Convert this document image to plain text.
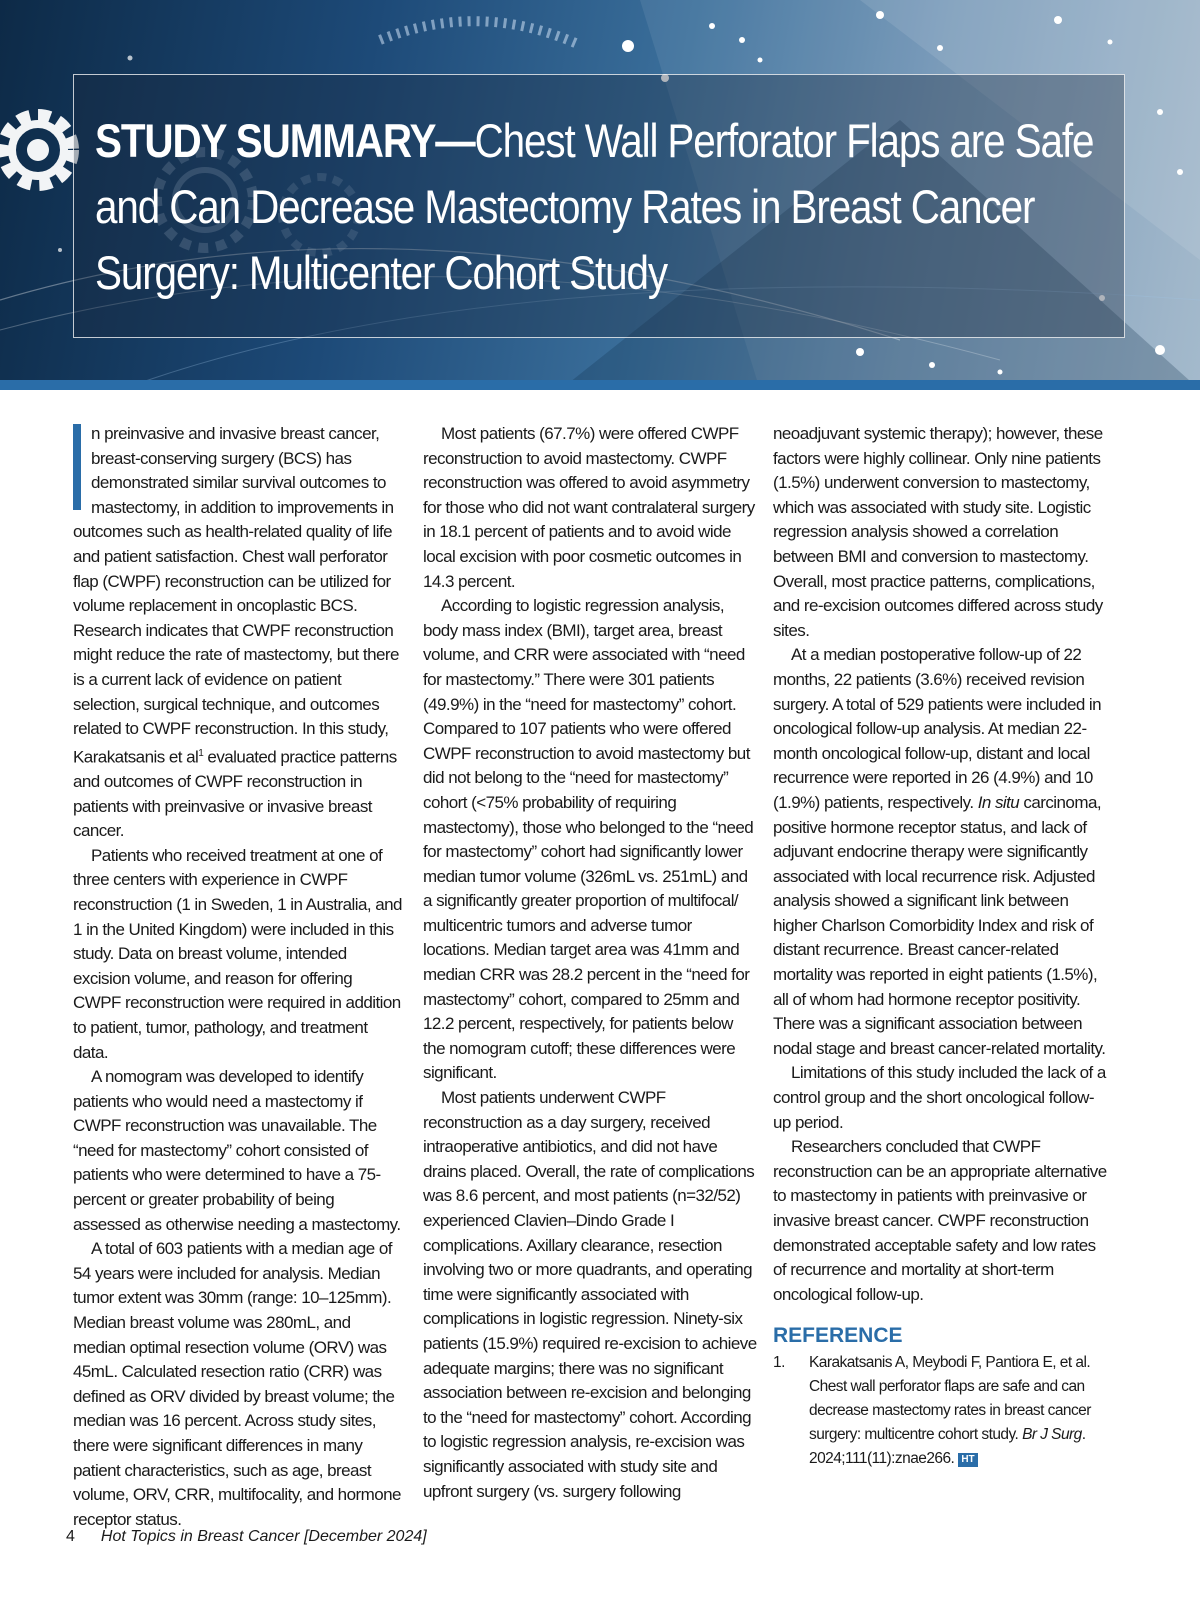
STUDY SUMMARY—Chest Wall Perforator Flaps are Safe and Can Decrease Mastectomy Rates in Breast Cancer Surgery: Multicenter Cohort Study

n preinvasive and invasive breast cancer, breast-conserving surgery (BCS) has demonstrated similar survival outcomes to mastectomy, in addition to improvements in outcomes such as health-related quality of life and patient satisfaction. Chest wall perforator flap (CWPF) reconstruction can be utilized for volume replacement in oncoplastic BCS. Research indicates that CWPF reconstruction might reduce the rate of mastectomy, but there is a current lack of evidence on patient selection, surgical technique, and outcomes related to CWPF reconstruction. In this study, Karakatsanis et $al^1$ evaluated practice patterns and outcomes of CWPF reconstruction in patients with preinvasive or invasive breast cancer.

Patients who received treatment at one of three centers with experience in CWPF reconstruction (1 in Sweden, 1 in Australia, and 1 in the United Kingdom) were included in this study. Data on breast volume, intended excision volume, and reason for offering CWPF reconstruction were required in addition to patient, tumor, pathology, and treatment data.

A nomogram was developed to identify patients who would need a mastectomy if CWPF reconstruction was unavailable. The “need for mastectomy” cohort consisted of patients who were determined to have a 75-percent or greater probability of being assessed as otherwise needing a mastectomy.

A total of 603 patients with a median age of 54 years were included for analysis. Median tumor extent was 30mm (range: 10–125mm). Median breast volume was 280mL, and median optimal resection volume (ORV) was 45mL. Calculated resection ratio (CRR) was defined as ORV divided by breast volume; the median was 16 percent. Across study sites, there were significant differences in many patient characteristics, such as age, breast volume, ORV, CRR, multifocality, and hormone receptor status.

Most patients (67.7%) were offered CWPF reconstruction to avoid mastectomy. CWPF reconstruction was offered to avoid asymmetry for those who did not want contralateral surgery in 18.1 percent of patients and to avoid wide local excision with poor cosmetic outcomes in 14.3 percent.

According to logistic regression analysis, body mass index (BMI), target area, breast volume, and CRR were associated with “need for mastectomy.” There were 301 patients (49.9%) in the “need for mastectomy” cohort. Compared to 107 patients who were offered CWPF reconstruction to avoid mastectomy but did not belong to the “need for mastectomy” cohort (<75% probability of requiring mastectomy), those who belonged to the “need for mastectomy” cohort had significantly lower median tumor volume (326mL vs. 251mL) and a significantly greater proportion of multifocal/ multicentric tumors and adverse tumor locations. Median target area was 41mm and median CRR was 28.2 percent in the “need for mastectomy” cohort, compared to 25mm and 12.2 percent, respectively, for patients below the nomogram cutoff; these differences were significant.

Most patients underwent CWPF reconstruction as a day surgery, received intraoperative antibiotics, and did not have drains placed. Overall, the rate of complications was 8.6 percent, and most patients (n=32/52) experienced Clavien–Dindo Grade I complications. Axillary clearance, resection involving two or more quadrants, and operating time were significantly associated with complications in logistic regression. Ninety-six patients (15.9%) required re-excision to achieve adequate margins; there was no significant association between re-excision and belonging to the “need for mastectomy” cohort. According to logistic regression analysis, re-excision was significantly associated with study site and upfront surgery (vs. surgery following

neoadjuvant systemic therapy); however, these factors were highly collinear. Only nine patients (1.5%) underwent conversion to mastectomy, which was associated with study site. Logistic regression analysis showed a correlation between BMI and conversion to mastectomy. Overall, most practice patterns, complications, and re-excision outcomes differed across study sites.

At a median postoperative follow-up of 22 months, 22 patients (3.6%) received revision surgery. A total of 529 patients were included in oncological follow-up analysis. At median 22-month oncological follow-up, distant and local recurrence were reported in 26 (4.9%) and 10 (1.9%) patients, respectively. In situ carcinoma, positive hormone receptor status, and lack of adjuvant endocrine therapy were significantly associated with local recurrence risk. Adjusted analysis showed a significant link between higher Charlson Comorbidity Index and risk of distant recurrence. Breast cancer-related mortality was reported in eight patients (1.5%), all of whom had hormone receptor positivity. There was a significant association between nodal stage and breast cancer-related mortality.

Limitations of this study included the lack of a control group and the short oncological follow-up period.

Researchers concluded that CWPF reconstruction can be an appropriate alternative to mastectomy in patients with preinvasive or invasive breast cancer. CWPF reconstruction demonstrated acceptable safety and low rates of recurrence and mortality at short-term oncological follow-up.

REFERENCE
1. Karakatsanis A, Meybodi F, Pantiora E, et al. Chest wall perforator flaps are safe and can decrease mastectomy rates in breast cancer surgery: multicentre cohort study. Br J Surg. 2024;111(11):znae266. HT
4 Hot Topics in Breast Cancer [December 2024]
